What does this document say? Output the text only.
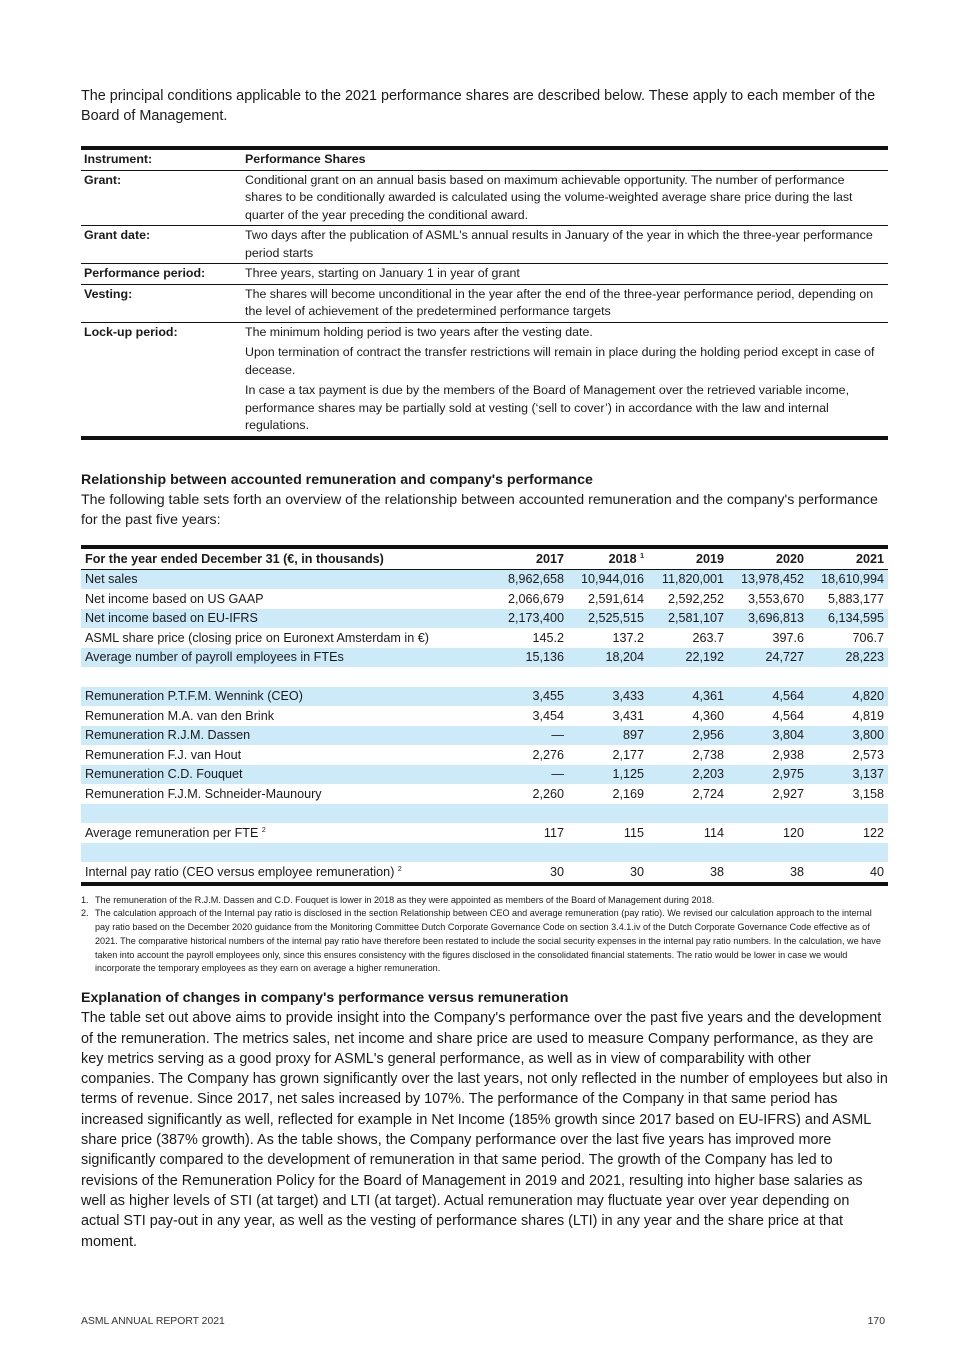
The principal conditions applicable to the 2021 performance shares are described below. These apply to each member of the Board of Management.

Instrument:	Performance Shares
Grant:	Conditional grant on an annual basis based on maximum achievable opportunity. The number of performance shares to be conditionally awarded is calculated using the volume-weighted average share price during the last quarter of the year preceding the conditional award.

Grant date:	Two days after the publication of ASML's annual results in January of the year in which the three-year performance period starts

Performance period:	Three years, starting on January 1 in year of grant

Vesting:	The shares will become unconditional in the year after the end of the three-year performance period, depending on the level of achievement of the predetermined performance targets

Lock-up period:	The minimum holding period is two years after the vesting date.

Upon termination of contract the transfer restrictions will remain in place during the holding period except in case of decease.

In case a tax payment is due by the members of the Board of Management over the retrieved variable income, performance shares may be partially sold at vesting (‘sell to cover’) in accordance with the law and internal regulations.

Relationship between accounted remuneration and company's performance

The following table sets forth an overview of the relationship between accounted remuneration and the company's performance for the past five years:

For the year ended December 31 (€, in thousands)	2017	2018 $^1$	2019	2020	2021
Net sales	8,962,658	10,944,016	11,820,001	13,978,452	18,610,994
Net income based on US GAAP	2,066,679	2,591,614	2,592,252	3,553,670	5,883,177
Net income based on EU-IFRS	2,173,400	2,525,515	2,581,107	3,696,813	6,134,595
ASML share price (closing price on Euronext Amsterdam in €)	145.2	137.2	263.7	397.6	706.7
Average number of payroll employees in FTEs	15,136	18,204	22,192	24,727	28,223

Remuneration P.T.F.M. Wennink (CEO)	3,455	3,433	4,361	4,564	4,820
Remuneration M.A. van den Brink	3,454	3,431	4,360	4,564	4,819
Remuneration R.J.M. Dassen	—	897	2,956	3,804	3,800
Remuneration F.J. van Hout	2,276	2,177	2,738	2,938	2,573
Remuneration C.D. Fouquet	—	1,125	2,203	2,975	3,137
Remuneration F.J.M. Schneider-Maunoury	2,260	2,169	2,724	2,927	3,158

Average remuneration per FTE $^2$	117	115	114	120	122

Internal pay ratio (CEO versus employee remuneration) $^2$	30	30	38	38	40
1. The remuneration of the R.J.M. Dassen and C.D. Fouquet is lower in 2018 as they were appointed as members of the Board of Management during 2018.
2. The calculation approach of the Internal pay ratio is disclosed in the section Relationship between CEO and average remuneration (pay ratio). We revised our calculation approach to the internal pay ratio based on the December 2020 guidance from the Monitoring Committee Dutch Corporate Governance Code on section 3.4.1.iv of the Dutch Corporate Governance Code effective as of 2021. The comparative historical numbers of the internal pay ratio have therefore been restated to include the social security expenses in the internal pay ratio numbers. In the calculation, we have taken into account the payroll employees only, since this ensures consistency with the figures disclosed in the consolidated financial statements. The ratio would be lower in case we would incorporate the temporary employees as they earn on average a higher remuneration.
Explanation of changes in company's performance versus remuneration

The table set out above aims to provide insight into the Company's performance over the past five years and the development of the remuneration. The metrics sales, net income and share price are used to measure Company performance, as they are key metrics serving as a good proxy for ASML's general performance, as well as in view of comparability with other companies. The Company has grown significantly over the last years, not only reflected in the number of employees but also in terms of revenue. Since 2017, net sales increased by 107%. The performance of the Company in that same period has increased significantly as well, reflected for example in Net Income (185% growth since 2017 based on EU-IFRS) and ASML share price (387% growth). As the table shows, the Company performance over the last five years has improved more significantly compared to the development of remuneration in that same period. The growth of the Company has led to revisions of the Remuneration Policy for the Board of Management in 2019 and 2021, resulting into higher base salaries as well as higher levels of STI (at target) and LTI (at target). Actual remuneration may fluctuate year over year depending on actual STI pay-out in any year, as well as the vesting of performance shares (LTI) in any year and the share price at that moment.

ASML ANNUAL REPORT 2021	170
